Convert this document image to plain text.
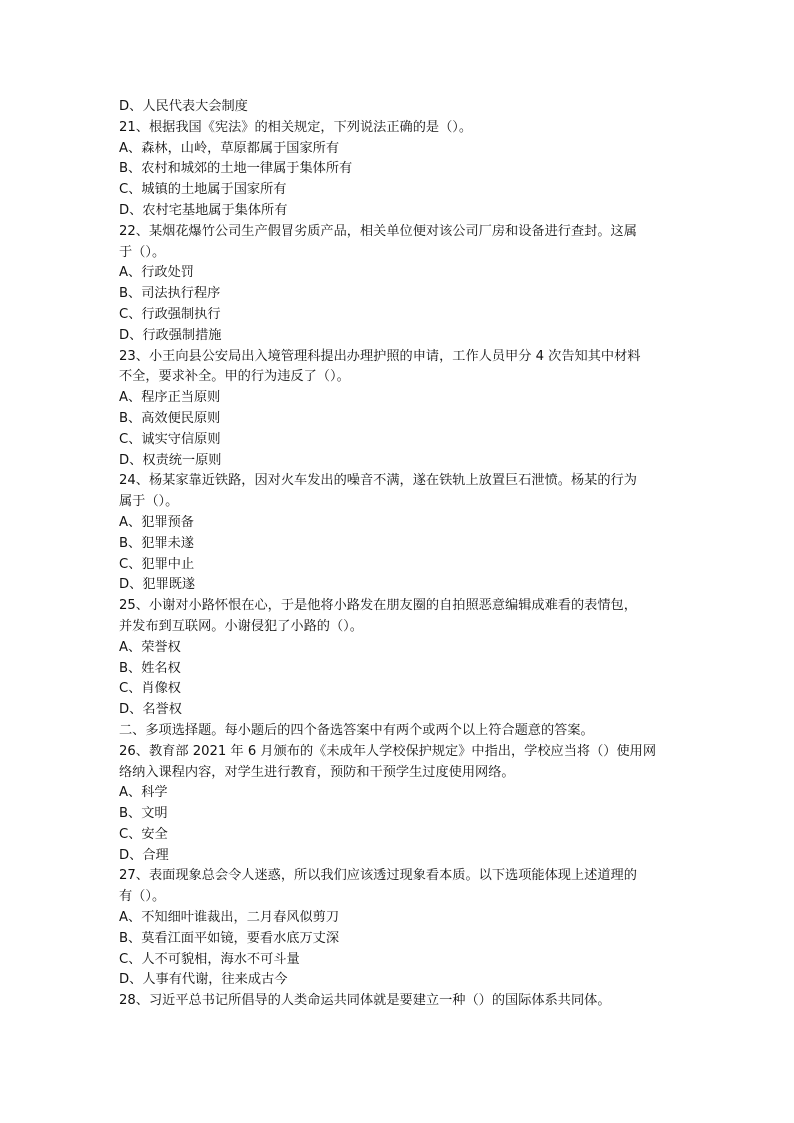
D、人民代表大会制度
21、根据我国《宪法》的相关规定，下列说法正确的是（）。
A、森林，山岭，草原都属于国家所有
B、农村和城郊的土地一律属于集体所有
C、城镇的土地属于国家所有
D、农村宅基地属于集体所有
22、某烟花爆竹公司生产假冒劣质产品，相关单位便对该公司厂房和设备进行查封。这属
于（）。
A、行政处罚
B、司法执行程序
C、行政强制执行
D、行政强制措施
23、小王向县公安局出入境管理科提出办理护照的申请，工作人员甲分 4 次告知其中材料
不全，要求补全。甲的行为违反了（）。
A、程序正当原则
B、高效便民原则
C、诚实守信原则
D、权责统一原则
24、杨某家靠近铁路，因对火车发出的噪音不满，遂在铁轨上放置巨石泄愤。杨某的行为
属于（）。
A、犯罪预备
B、犯罪未遂
C、犯罪中止
D、犯罪既遂
25、小谢对小路怀恨在心，于是他将小路发在朋友圈的自拍照恶意编辑成难看的表情包，
并发布到互联网。小谢侵犯了小路的（）。
A、荣誉权
B、姓名权
C、肖像权
D、名誉权
二、多项选择题。每小题后的四个备选答案中有两个或两个以上符合题意的答案。
26、教育部 2021 年 6 月颁布的《未成年人学校保护规定》中指出，学校应当将（）使用网
络纳入课程内容，对学生进行教育，预防和干预学生过度使用网络。
A、科学
B、文明
C、安全
D、合理
27、表面现象总会令人迷惑，所以我们应该透过现象看本质。以下选项能体现上述道理的
有（）。
A、不知细叶谁裁出，二月春风似剪刀
B、莫看江面平如镜，要看水底万丈深
C、人不可貌相，海水不可斗量
D、人事有代谢，往来成古今
28、习近平总书记所倡导的人类命运共同体就是要建立一种（）的国际体系共同体。
